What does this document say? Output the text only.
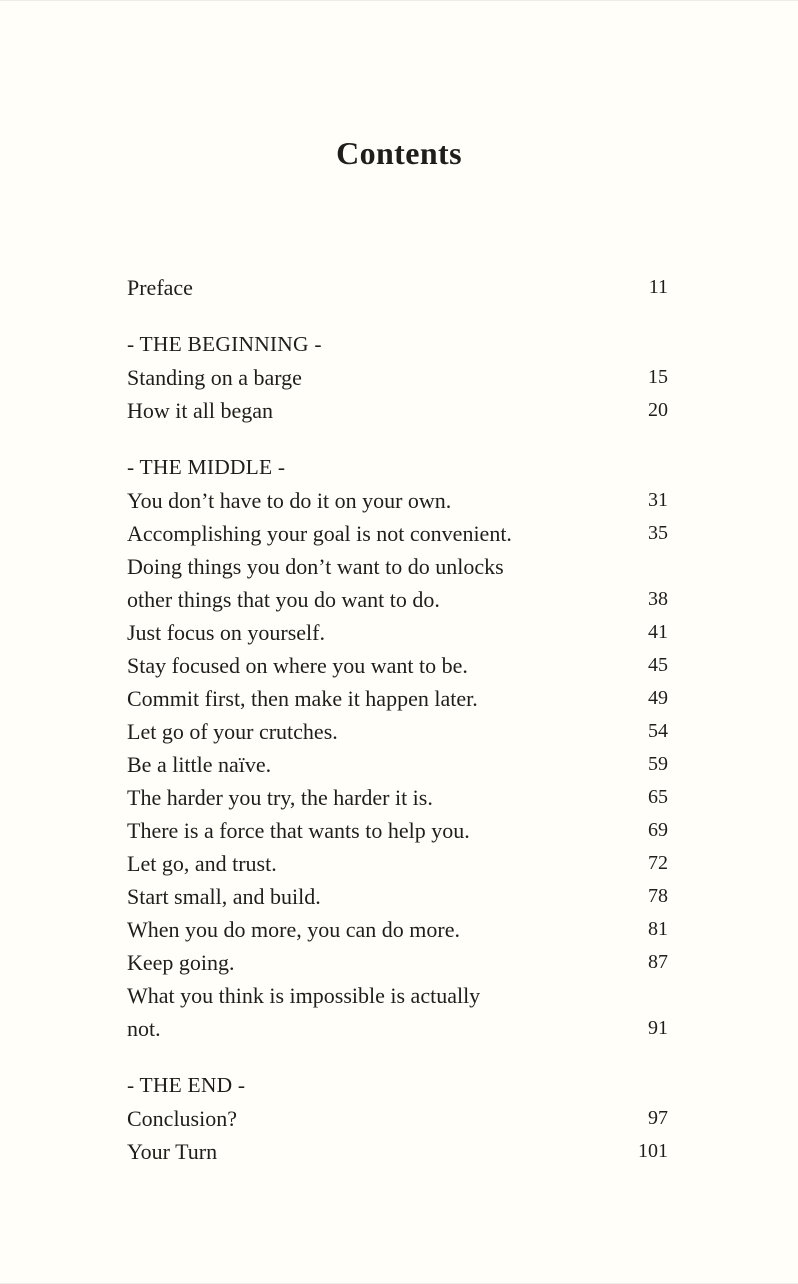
Contents
Preface	11
- THE BEGINNING -
Standing on a barge	15
How it all began	20
- THE MIDDLE -
You don’t have to do it on your own.	31
Accomplishing your goal is not convenient.	35
Doing things you don’t want to do unlocks
other things that you do want to do.	38
Just focus on yourself.	41
Stay focused on where you want to be.	45
Commit first, then make it happen later.	49
Let go of your crutches.	54
Be a little naïve.	59
The harder you try, the harder it is.	65
There is a force that wants to help you.	69
Let go, and trust.	72
Start small, and build.	78
When you do more, you can do more.	81
Keep going.	87
What you think is impossible is actually
not.	91
- THE END -
Conclusion?	97
Your Turn	101
